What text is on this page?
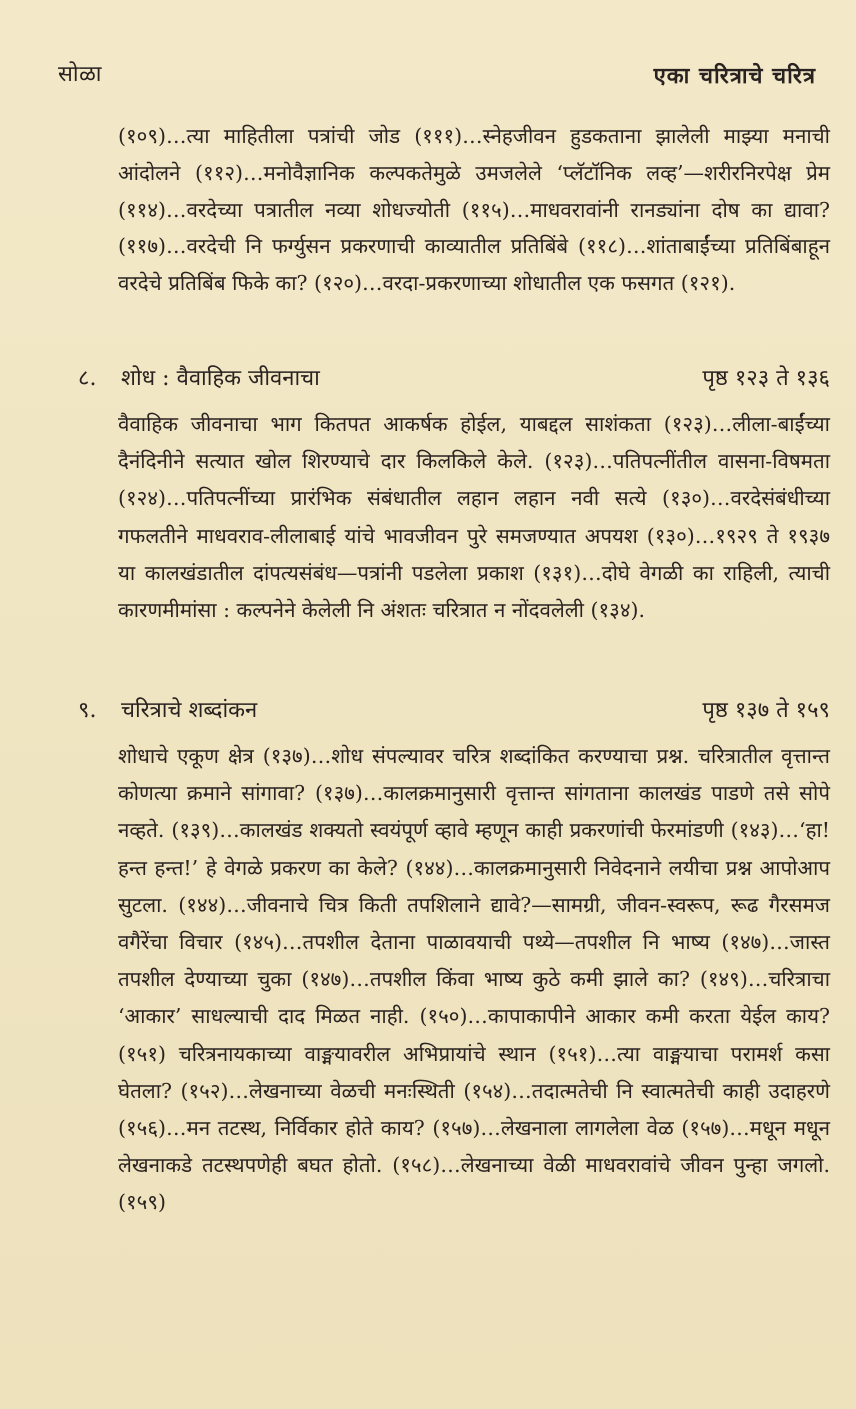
सोळा	एका चरित्राचे चरित्र
(१०९)…त्या माहितीला पत्रांची जोड (१११)…स्नेहजीवन हुडकताना झालेली माझ्या मनाची आंदोलने (११२)…मनोवैज्ञानिक कल्पकतेमुळे उमजलेले ‘प्लॅटॉनिक लव्ह’—शरीरनिरपेक्ष प्रेम (११४)…वरदेच्या पत्रातील नव्या शोधज्योती (११५)…माधवरावांनी रानड्यांना दोष का द्यावा? (११७)…वरदेची नि फर्ग्युसन प्रकरणाची काव्यातील प्रतिबिंबे (११८)…शांताबाईंच्या प्रतिबिंबाहून वरदेचे प्रतिबिंब फिके का? (१२०)…वरदा-प्रकरणाच्या शोधातील एक फसगत (१२१).
८. शोध : वैवाहिक जीवनाचा	पृष्ठ १२३ ते १३६
वैवाहिक जीवनाचा भाग कितपत आकर्षक होईल, याबद्दल साशंकता (१२३)…लीला-बाईंच्या दैनंदिनीने सत्यात खोल शिरण्याचे दार किलकिले केले. (१२३)…पतिपत्नींतील वासना-विषमता (१२४)…पतिपत्नींच्या प्रारंभिक संबंधातील लहान लहान नवी सत्ये (१३०)…वरदेसंबंधीच्या गफलतीने माधवराव-लीलाबाई यांचे भावजीवन पुरे समजण्यात अपयश (१३०)…१९२९ ते १९३७ या कालखंडातील दांपत्यसंबंध—पत्रांनी पडलेला प्रकाश (१३१)…दोघे वेगळी का राहिली, त्याची कारणमीमांसा : कल्पनेने केलेली नि अंशतः चरित्रात न नोंदवलेली (१३४).
९. चरित्राचे शब्दांकन	पृष्ठ १३७ ते १५९
शोधाचे एकूण क्षेत्र (१३७)…शोध संपल्यावर चरित्र शब्दांकित करण्याचा प्रश्न. चरित्रातील वृत्तान्त कोणत्या क्रमाने सांगावा? (१३७)…कालक्रमानुसारी वृत्तान्त सांगताना कालखंड पाडणे तसे सोपे नव्हते. (१३९)…कालखंड शक्यतो स्वयंपूर्ण व्हावे म्हणून काही प्रकरणांची फेरमांडणी (१४३)…‘हा! हन्त हन्त!’ हे वेगळे प्रकरण का केले? (१४४)…कालक्रमानुसारी निवेदनाने लयीचा प्रश्न आपोआप सुटला. (१४४)…जीवनाचे चित्र किती तपशिलाने द्यावे?—सामग्री, जीवन-स्वरूप, रूढ गैरसमज वगैरेंचा विचार (१४५)…तपशील देताना पाळावयाची पथ्ये—तपशील नि भाष्य (१४७)…जास्त तपशील देण्याच्या चुका (१४७)…तपशील किंवा भाष्य कुठे कमी झाले का? (१४९)…चरित्राचा ‘आकार’ साधल्याची दाद मिळत नाही. (१५०)…कापाकापीने आकार कमी करता येईल काय? (१५१) चरित्रनायकाच्या वाङ्मयावरील अभिप्रायांचे स्थान (१५१)…त्या वाङ्मयाचा परामर्श कसा घेतला? (१५२)…लेखनाच्या वेळची मनःस्थिती (१५४)…तदात्मतेची नि स्वात्मतेची काही उदाहरणे (१५६)…मन तटस्थ, निर्विकार होते काय? (१५७)…लेखनाला लागलेला वेळ (१५७)…मधून मधून लेखनाकडे तटस्थपणेही बघत होतो. (१५८)…लेखनाच्या वेळी माधवरावांचे जीवन पुन्हा जगलो. (१५९)
